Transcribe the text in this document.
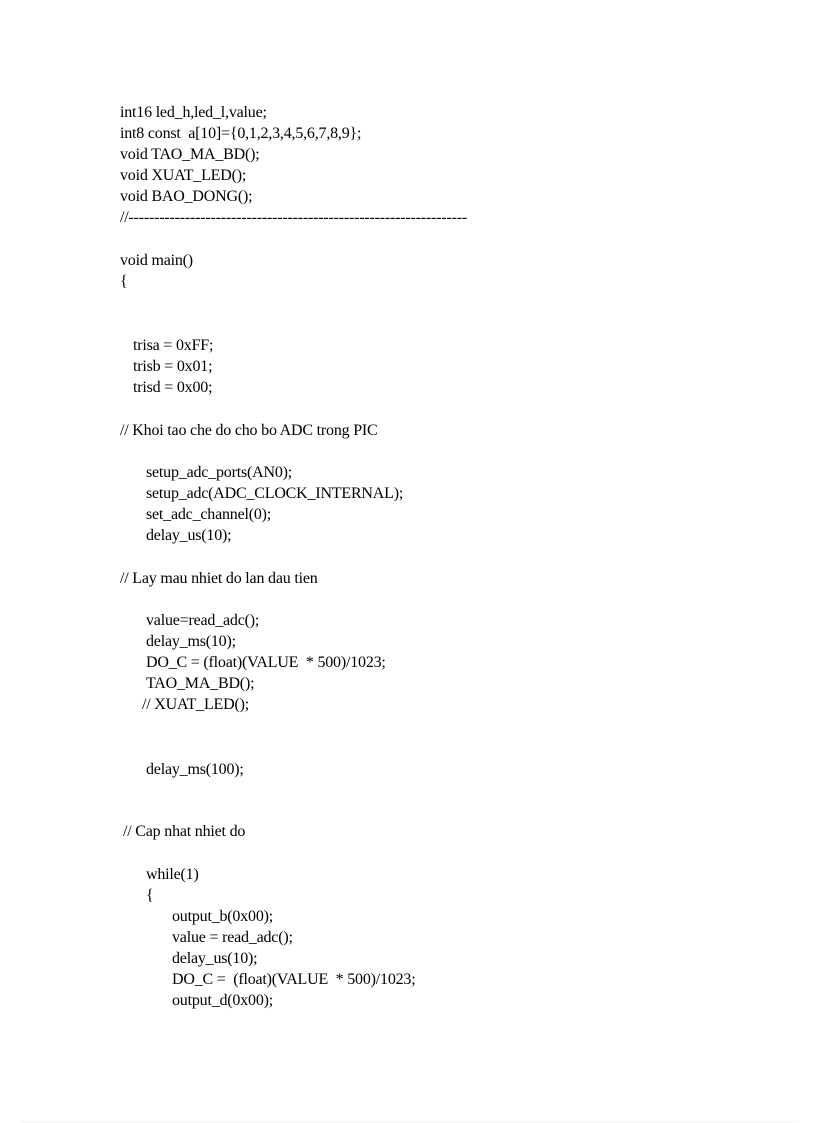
int16 led_h,led_l,value;
int8 const  a[10]={0,1,2,3,4,5,6,7,8,9};
void TAO_MA_BD();
void XUAT_LED();
void BAO_DONG();
//------------------------------------------------------------------
void main()
{
trisa = 0xFF;
trisb = 0x01;
trisd = 0x00;
// Khoi tao che do cho bo ADC trong PIC
setup_adc_ports(AN0);
setup_adc(ADC_CLOCK_INTERNAL);
set_adc_channel(0);
delay_us(10);
// Lay mau nhiet do lan dau tien
value=read_adc();
delay_ms(10);
DO_C = (float)(VALUE  * 500)/1023;
TAO_MA_BD();
// XUAT_LED();
delay_ms(100);
// Cap nhat nhiet do
while(1)
{
output_b(0x00);
value = read_adc();
delay_us(10);
DO_C =  (float)(VALUE  * 500)/1023;
output_d(0x00);
